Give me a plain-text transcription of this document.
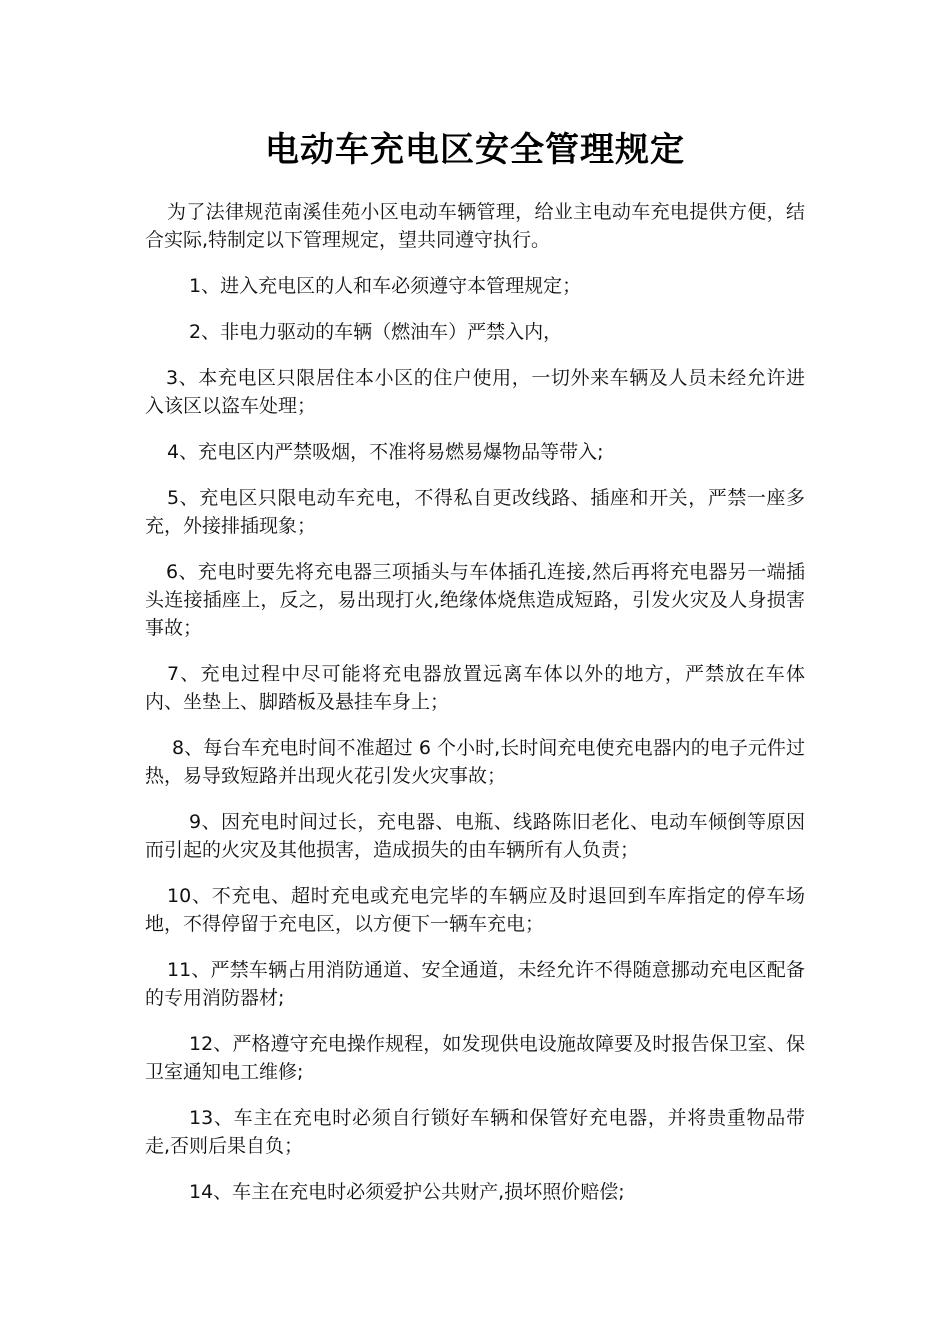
电动车充电区安全管理规定

为了法律规范南溪佳苑小区电动车辆管理，给业主电动车充电提供方便，结合实际,特制定以下管理规定，望共同遵守执行。

1、进入充电区的人和车必须遵守本管理规定；

2、非电力驱动的车辆（燃油车）严禁入内，

3、本充电区只限居住本小区的住户使用，一切外来车辆及人员未经允许进入该区以盗车处理；

4、充电区内严禁吸烟，不准将易燃易爆物品等带入;

5、充电区只限电动车充电，不得私自更改线路、插座和开关，严禁一座多充，外接排插现象；

6、充电时要先将充电器三项插头与车体插孔连接,然后再将充电器另一端插头连接插座上，反之，易出现打火,绝缘体烧焦造成短路，引发火灾及人身损害事故；

7、充电过程中尽可能将充电器放置远离车体以外的地方，严禁放在车体内、坐垫上、脚踏板及悬挂车身上；

8、每台车充电时间不准超过 6 个小时,长时间充电使充电器内的电子元件过热，易导致短路并出现火花引发火灾事故；

9、因充电时间过长，充电器、电瓶、线路陈旧老化、电动车倾倒等原因而引起的火灾及其他损害，造成损失的由车辆所有人负责；

10、不充电、超时充电或充电完毕的车辆应及时退回到车库指定的停车场地，不得停留于充电区，以方便下一辆车充电；

11、严禁车辆占用消防通道、安全通道，未经允许不得随意挪动充电区配备的专用消防器材;

12、严格遵守充电操作规程，如发现供电设施故障要及时报告保卫室、保卫室通知电工维修;

13、车主在充电时必须自行锁好车辆和保管好充电器，并将贵重物品带走,否则后果自负；

14、车主在充电时必须爱护公共财产,损坏照价赔偿;
